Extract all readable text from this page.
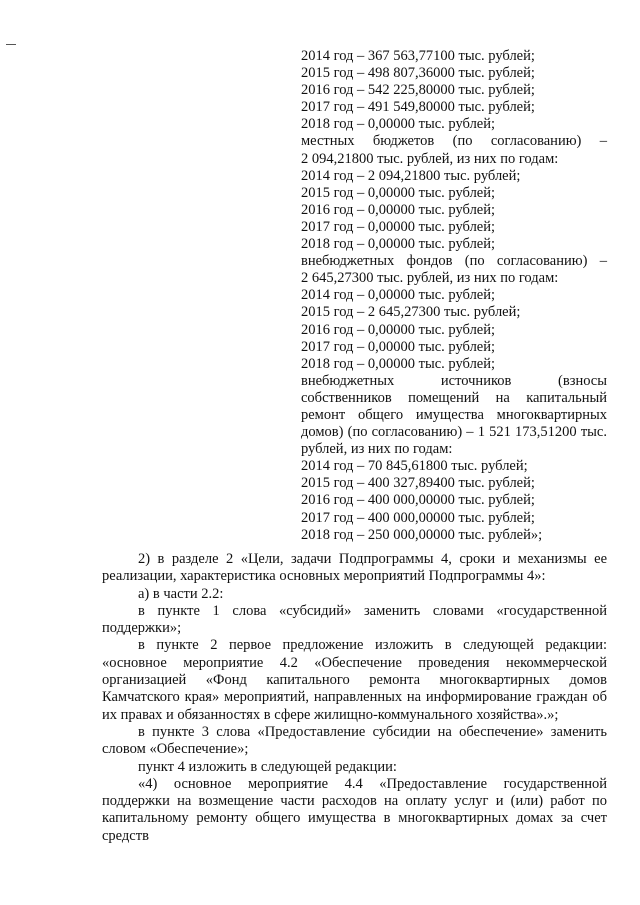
2014 год – 367 563,77100 тыс. рублей;
2015 год – 498 807,36000 тыс. рублей;
2016 год – 542 225,80000 тыс. рублей;
2017 год – 491 549,80000 тыс. рублей;
2018 год – 0,00000 тыс. рублей;
местных бюджетов (по согласованию) –
2 094,21800 тыс. рублей, из них по годам:
2014 год – 2 094,21800 тыс. рублей;
2015 год – 0,00000 тыс. рублей;
2016 год – 0,00000 тыс. рублей;
2017 год – 0,00000 тыс. рублей;
2018 год – 0,00000 тыс. рублей;
внебюджетных фондов (по согласованию) –
2 645,27300 тыс. рублей, из них по годам:
2014 год – 0,00000 тыс. рублей;
2015 год – 2 645,27300 тыс. рублей;
2016 год – 0,00000 тыс. рублей;
2017 год – 0,00000 тыс. рублей;
2018 год – 0,00000 тыс. рублей;
внебюджетных источников (взносы собственников помещений на капитальный ремонт общего имущества многоквартирных домов) (по согласованию) – 1 521 173,51200 тыс. рублей, из них по годам:
2014 год – 70 845,61800 тыс. рублей;
2015 год – 400 327,89400 тыс. рублей;
2016 год – 400 000,00000 тыс. рублей;
2017 год – 400 000,00000 тыс. рублей;
2018 год – 250 000,00000 тыс. рублей»;
2) в разделе 2 «Цели, задачи Подпрограммы 4, сроки и механизмы ее реализации, характеристика основных мероприятий Подпрограммы 4»:
а) в части 2.2:
в пункте 1 слова «субсидий» заменить словами «государственной поддержки»;
в пункте 2 первое предложение изложить в следующей редакции: «основное мероприятие 4.2 «Обеспечение проведения некоммерческой организацией «Фонд капитального ремонта многоквартирных домов Камчатского края» мероприятий, направленных на информирование граждан об их правах и обязанностях в сфере жилищно-коммунального хозяйства».»;
в пункте 3 слова «Предоставление субсидии на обеспечение» заменить словом «Обеспечение»;
пункт 4 изложить в следующей редакции:
«4) основное мероприятие 4.4 «Предоставление государственной поддержки на возмещение части расходов на оплату услуг и (или) работ по капитальному ремонту общего имущества в многоквартирных домах за счет средств
